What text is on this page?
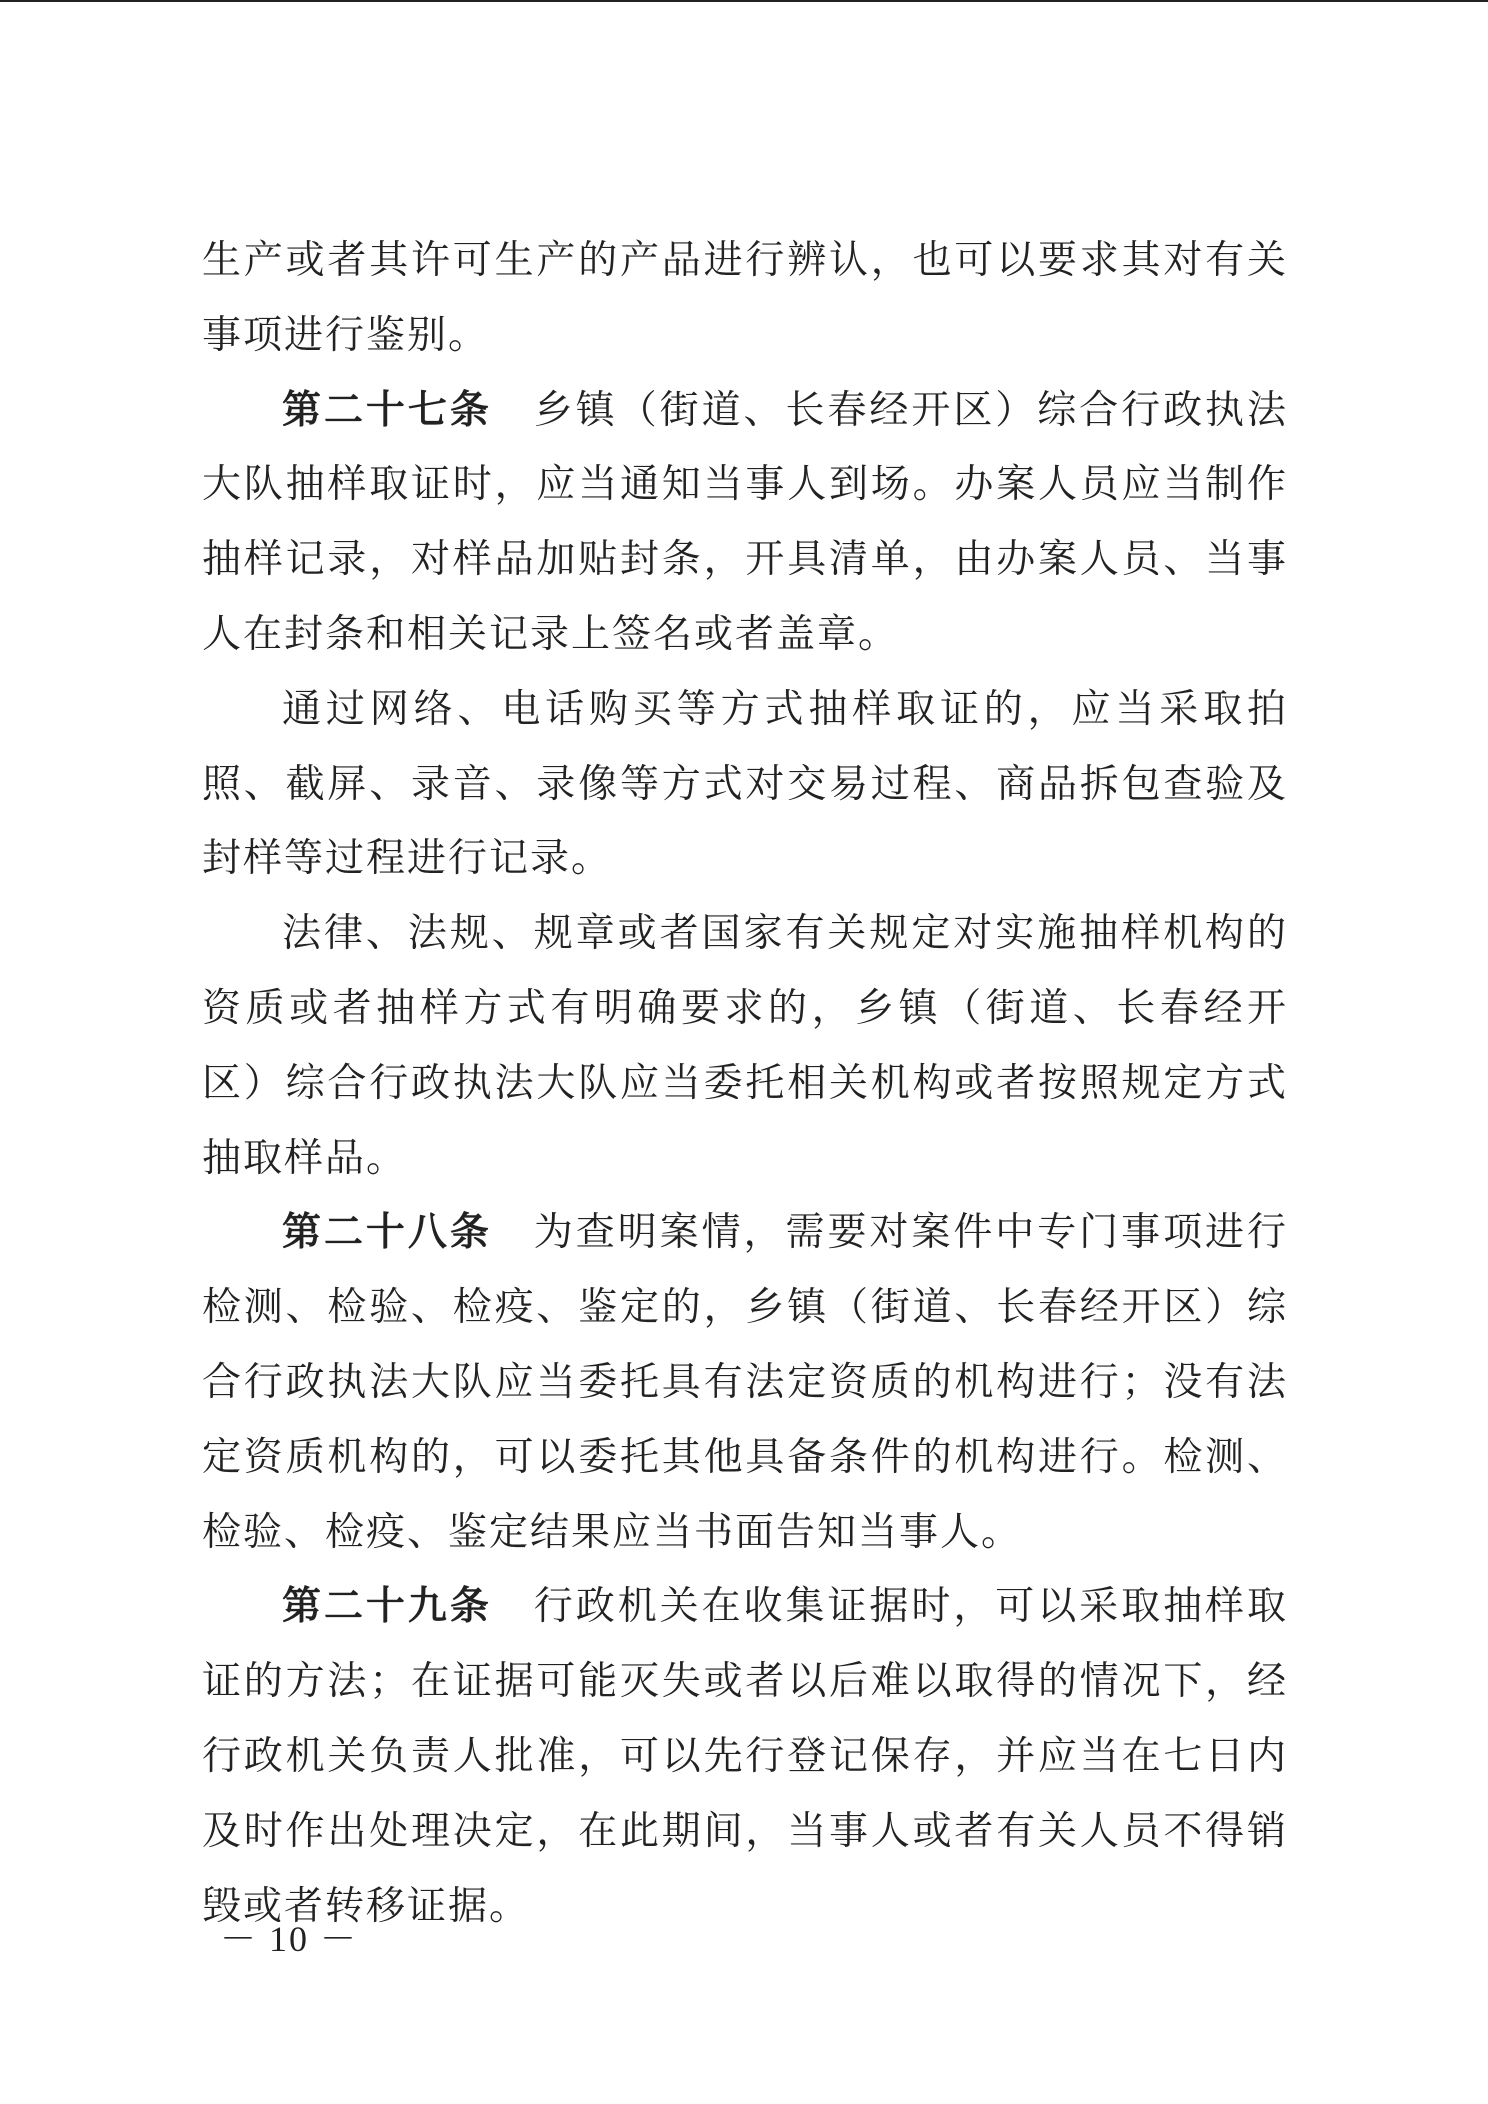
生产或者其许可生产的产品进行辨认，也可以要求其对有关事项进行鉴别。

第二十七条 乡镇（街道、长春经开区）综合行政执法大队抽样取证时，应当通知当事人到场。办案人员应当制作抽样记录，对样品加贴封条，开具清单，由办案人员、当事人在封条和相关记录上签名或者盖章。

通过网络、电话购买等方式抽样取证的，应当采取拍照、截屏、录音、录像等方式对交易过程、商品拆包查验及封样等过程进行记录。

法律、法规、规章或者国家有关规定对实施抽样机构的资质或者抽样方式有明确要求的，乡镇（街道、长春经开区）综合行政执法大队应当委托相关机构或者按照规定方式抽取样品。

第二十八条 为查明案情，需要对案件中专门事项进行检测、检验、检疫、鉴定的，乡镇（街道、长春经开区）综合行政执法大队应当委托具有法定资质的机构进行；没有法定资质机构的，可以委托其他具备条件的机构进行。检测、检验、检疫、鉴定结果应当书面告知当事人。

第二十九条 行政机关在收集证据时，可以采取抽样取证的方法；在证据可能灭失或者以后难以取得的情况下，经行政机关负责人批准，可以先行登记保存，并应当在七日内及时作出处理决定，在此期间，当事人或者有关人员不得销毁或者转移证据。

－ 10 －
